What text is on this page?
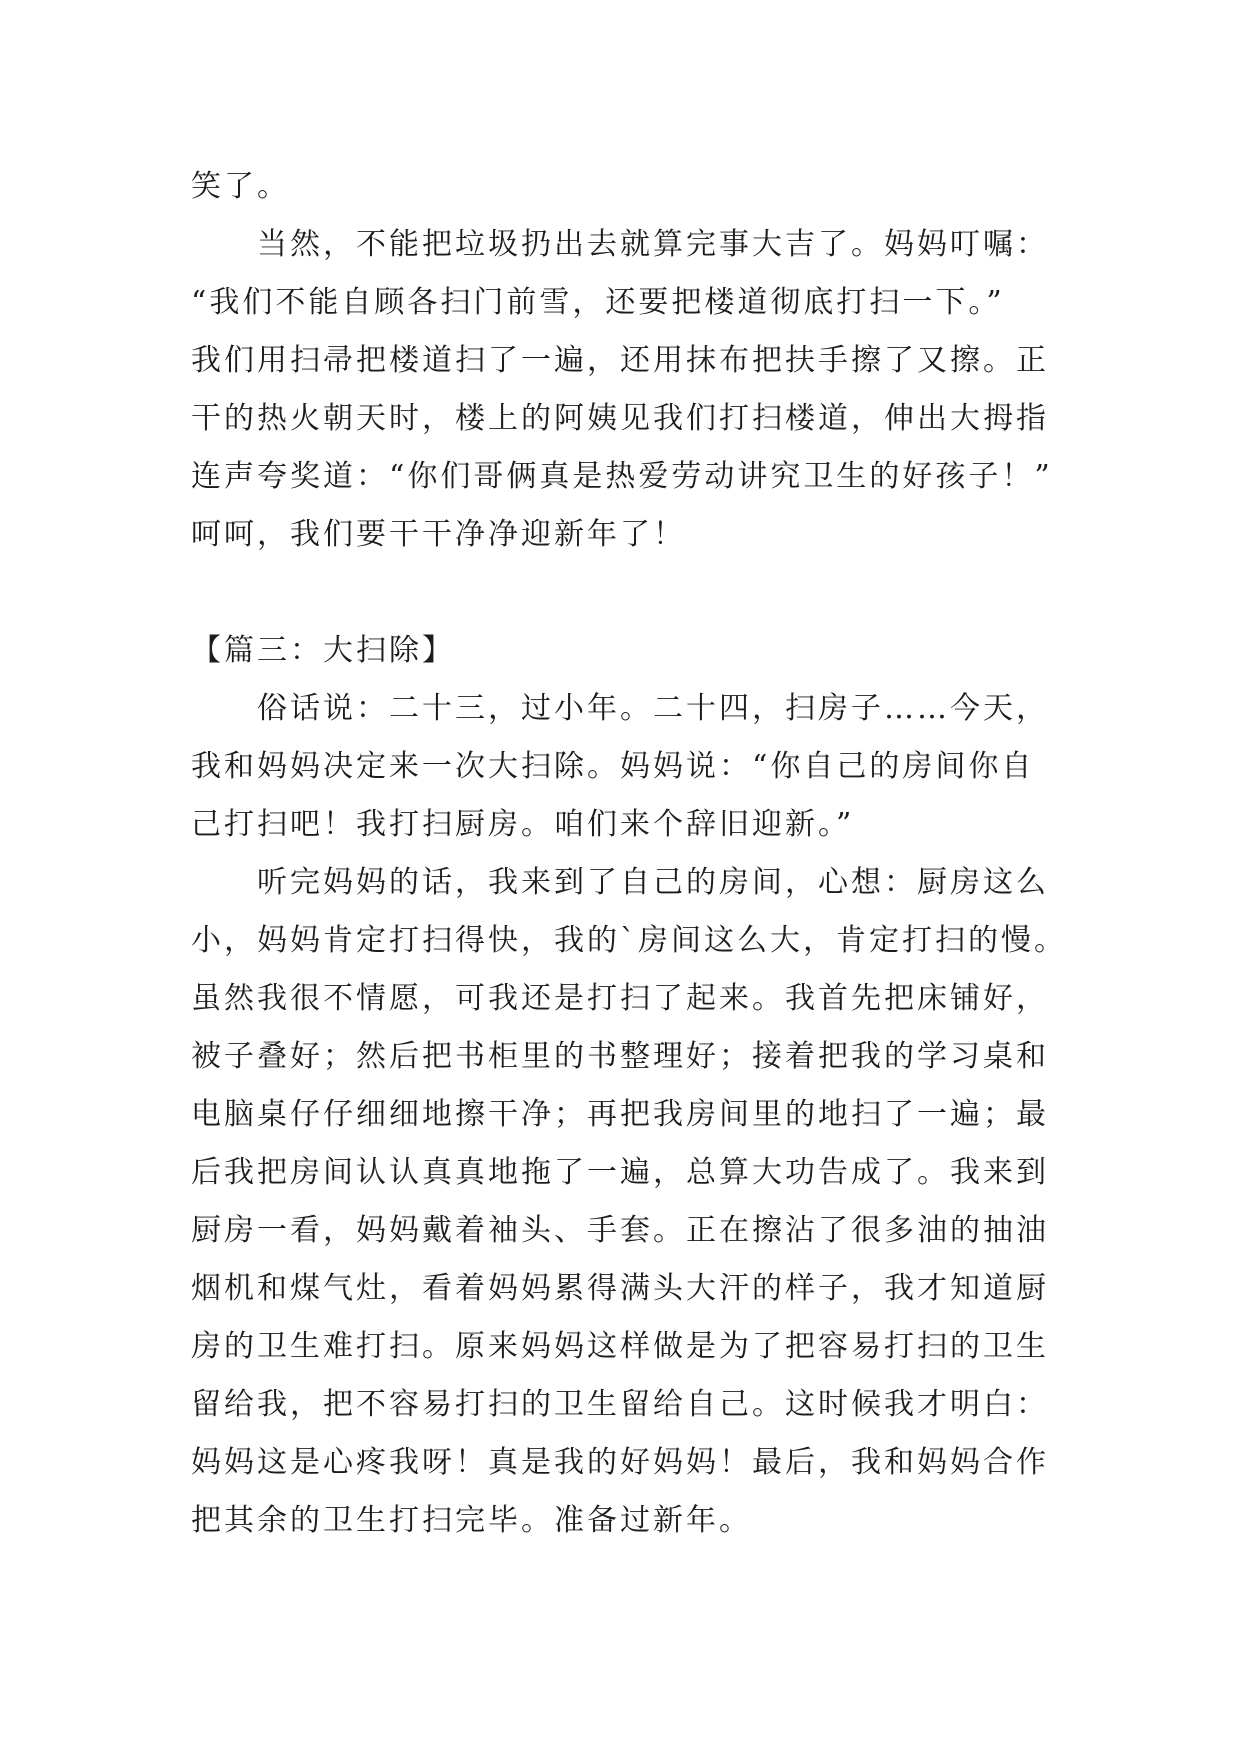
笑了。
当然，不能把垃圾扔出去就算完事大吉了。妈妈叮嘱：
“我们不能自顾各扫门前雪，还要把楼道彻底打扫一下。”
我们用扫帚把楼道扫了一遍，还用抹布把扶手擦了又擦。正
干的热火朝天时，楼上的阿姨见我们打扫楼道，伸出大拇指
连声夸奖道：“你们哥俩真是热爱劳动讲究卫生的好孩子！”
呵呵，我们要干干净净迎新年了！
【篇三：大扫除】
俗话说：二十三，过小年。二十四，扫房子……今天，
我和妈妈决定来一次大扫除。妈妈说：“你自己的房间你自
己打扫吧！我打扫厨房。咱们来个辞旧迎新。”
听完妈妈的话，我来到了自己的房间，心想：厨房这么
小，妈妈肯定打扫得快，我的`房间这么大，肯定打扫的慢。
虽然我很不情愿，可我还是打扫了起来。我首先把床铺好，
被子叠好；然后把书柜里的书整理好；接着把我的学习桌和
电脑桌仔仔细细地擦干净；再把我房间里的地扫了一遍；最
后我把房间认认真真地拖了一遍，总算大功告成了。我来到
厨房一看，妈妈戴着袖头、手套。正在擦沾了很多油的抽油
烟机和煤气灶，看着妈妈累得满头大汗的样子，我才知道厨
房的卫生难打扫。原来妈妈这样做是为了把容易打扫的卫生
留给我，把不容易打扫的卫生留给自己。这时候我才明白：
妈妈这是心疼我呀！真是我的好妈妈！最后，我和妈妈合作
把其余的卫生打扫完毕。准备过新年。
